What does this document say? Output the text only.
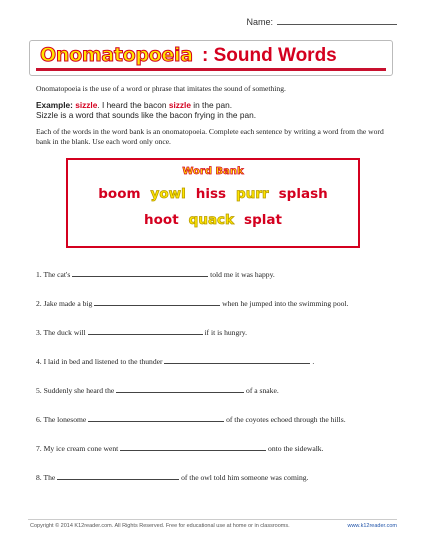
Name:
Onomatopoeia : Sound Words
Onomatopoeia is the use of a word or phrase that imitates the sound of something.
Example: sizzle. I heard the bacon sizzle in the pan.
Sizzle is a word that sounds like the bacon frying in the pan.
Each of the words in the word bank is an onomatopoeia. Complete each sentence by writing a word from the word bank in the blank. Use each word only once.
Word Bank
boom yowl hiss purr splash
hoot quack splat
1. The cat's	told me it was happy.
2. Jake made a big	when he jumped into the swimming pool.
3. The duck will	if it is hungry.
4. I laid in bed and listened to the thunder	.
5. Suddenly she heard the	of a snake.
6. The lonesome	of the coyotes echoed through the hills.
7. My ice cream cone went	onto the sidewalk.
8. The	of the owl told him someone was coming.
Copyright © 2014 K12reader.com. All Rights Reserved. Free for educational use at home or in classrooms.	www.k12reader.com
